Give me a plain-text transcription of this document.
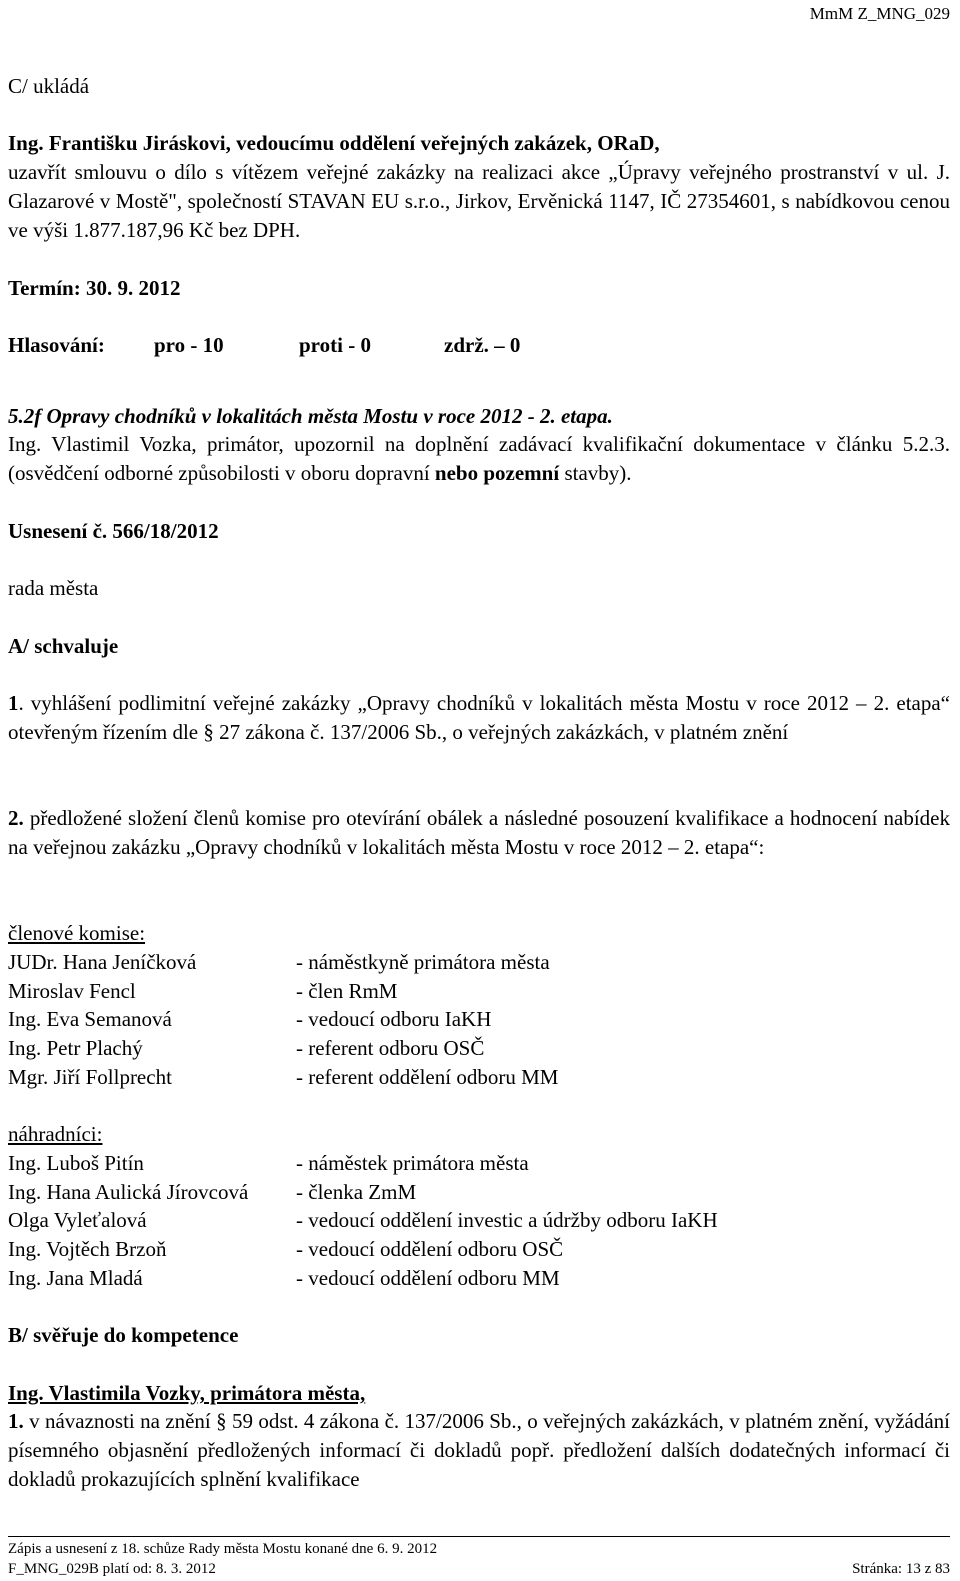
MmM Z_MNG_029
C/ ukládá
Ing. Františku Jiráskovi, vedoucímu oddělení veřejných zakázek, ORaD,
uzavřít smlouvu o dílo s vítězem veřejné zakázky na realizaci akce „Úpravy veřejného prostranství v ul. J. Glazarové v Mostě", společností STAVAN EU s.r.o., Jirkov, Ervěnická 1147, IČ 27354601, s nabídkovou cenou ve výši 1.877.187,96 Kč bez DPH.
Termín: 30. 9. 2012
Hlasování: pro - 10	proti - 0	zdrž. – 0
5.2f Opravy chodníků v lokalitách města Mostu v roce 2012 - 2. etapa.
Ing. Vlastimil Vozka, primátor, upozornil na doplnění zadávací kvalifikační dokumentace v článku 5.2.3. (osvědčení odborné způsobilosti v oboru dopravní nebo pozemní stavby).
Usnesení č. 566/18/2012
rada města
A/ schvaluje
1. vyhlášení podlimitní veřejné zakázky „Opravy chodníků v lokalitách města Mostu v roce 2012 – 2. etapa“ otevřeným řízením dle § 27 zákona č. 137/2006 Sb., o veřejných zakázkách, v platném znění
2. předložené složení členů komise pro otevírání obálek a následné posouzení kvalifikace a hodnocení nabídek na veřejnou zakázku „Opravy chodníků v lokalitách města Mostu v roce 2012 – 2. etapa“:
členové komise:
JUDr. Hana Jeníčková	- náměstkyně primátora města
Miroslav Fencl	- člen RmM
Ing. Eva Semanová	- vedoucí odboru IaKH
Ing. Petr Plachý	- referent odboru OSČ
Mgr. Jiří Follprecht	- referent oddělení odboru MM
náhradníci:
Ing. Luboš Pitín	- náměstek primátora města
Ing. Hana Aulická Jírovcová - členka ZmM
Olga Vyleťalová	- vedoucí oddělení investic a údržby odboru IaKH
Ing. Vojtěch Brzoň	- vedoucí oddělení odboru OSČ
Ing. Jana Mladá	- vedoucí oddělení odboru MM
B/ svěřuje do kompetence
Ing. Vlastimila Vozky, primátora města,
1. v návaznosti na znění § 59 odst. 4 zákona č. 137/2006 Sb., o veřejných zakázkách, v platném znění, vyžádání písemného objasnění předložených informací či dokladů popř. předložení dalších dodatečných informací či dokladů prokazujících splnění kvalifikace
Zápis a usnesení z 18. schůze Rady města Mostu konané dne 6. 9. 2012
F_MNG_029B platí od: 8. 3. 2012	Stránka: 13 z 83
